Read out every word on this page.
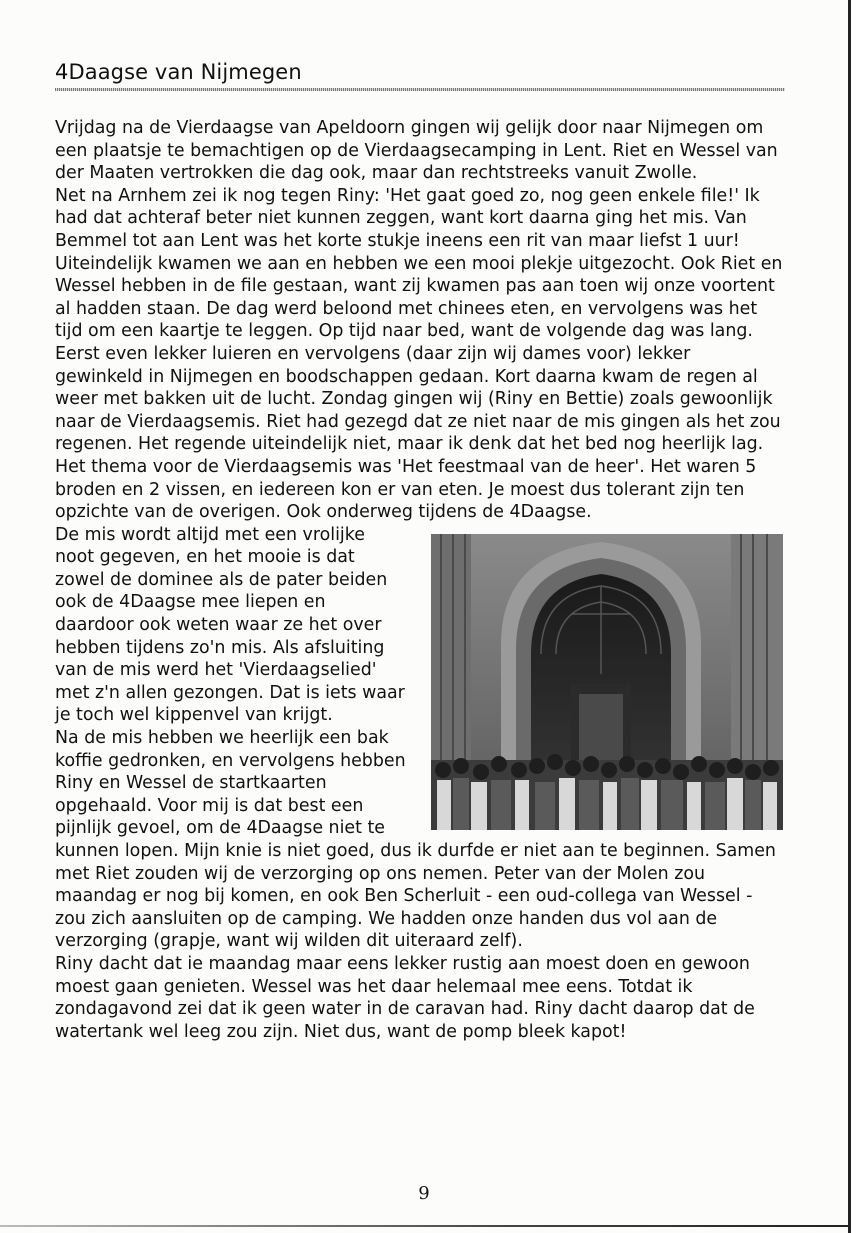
4Daagse van Nijmegen

Vrijdag na de Vierdaagse van Apeldoorn gingen wij gelijk door naar Nijmegen om een plaatsje te bemachtigen op de Vierdaagsecamping in Lent. Riet en Wessel van der Maaten vertrokken die dag ook, maar dan rechtstreeks vanuit Zwolle.

Net na Arnhem zei ik nog tegen Riny: 'Het gaat goed zo, nog geen enkele file!' Ik had dat achteraf beter niet kunnen zeggen, want kort daarna ging het mis. Van Bemmel tot aan Lent was het korte stukje ineens een rit van maar liefst 1 uur!

Uiteindelijk kwamen we aan en hebben we een mooi plekje uitgezocht. Ook Riet en Wessel hebben in de file gestaan, want zij kwamen pas aan toen wij onze voortent al hadden staan. De dag werd beloond met chinees eten, en vervolgens was het tijd om een kaartje te leggen. Op tijd naar bed, want de volgende dag was lang. Eerst even lekker luieren en vervolgens (daar zijn wij dames voor) lekker gewinkeld in Nijmegen en boodschappen gedaan. Kort daarna kwam de regen al weer met bakken uit de lucht. Zondag gingen wij (Riny en Bettie) zoals gewoonlijk naar de Vierdaagsemis. Riet had gezegd dat ze niet naar de mis gingen als het zou regenen. Het regende uiteindelijk niet, maar ik denk dat het bed nog heerlijk lag.

Het thema voor de Vierdaagsemis was 'Het feestmaal van de heer'. Het waren 5 broden en 2 vissen, en iedereen kon er van eten. Je moest dus tolerant zijn ten opzichte van de overigen. Ook onderweg tijdens de 4Daagse.

De mis wordt altijd met een vrolijke noot gegeven, en het mooie is dat zowel de dominee als de pater beiden ook de 4Daagse mee liepen en daardoor ook weten waar ze het over hebben tijdens zo'n mis. Als afsluiting van de mis werd het 'Vierdaagselied' met z'n allen gezongen. Dat is iets waar je toch wel kippenvel van krijgt.

Na de mis hebben we heerlijk een bak koffie gedronken, en vervolgens hebben Riny en Wessel de startkaarten opgehaald. Voor mij is dat best een pijnlijk gevoel, om de 4Daagse niet te kunnen lopen. Mijn knie is niet goed, dus ik durfde er niet aan te beginnen. Samen met Riet zouden wij de verzorging op ons nemen. Peter van der Molen zou maandag er nog bij komen, en ook Ben Scherluit - een oud-collega van Wessel - zou zich aansluiten op de camping. We hadden onze handen dus vol aan de verzorging (grapje, want wij wilden dit uiteraard zelf).

Riny dacht dat ie maandag maar eens lekker rustig aan moest doen en gewoon moest gaan genieten. Wessel was het daar helemaal mee eens. Totdat ik zondagavond zei dat ik geen water in de caravan had. Riny dacht daarop dat de watertank wel leeg zou zijn. Niet dus, want de pomp bleek kapot!

9
